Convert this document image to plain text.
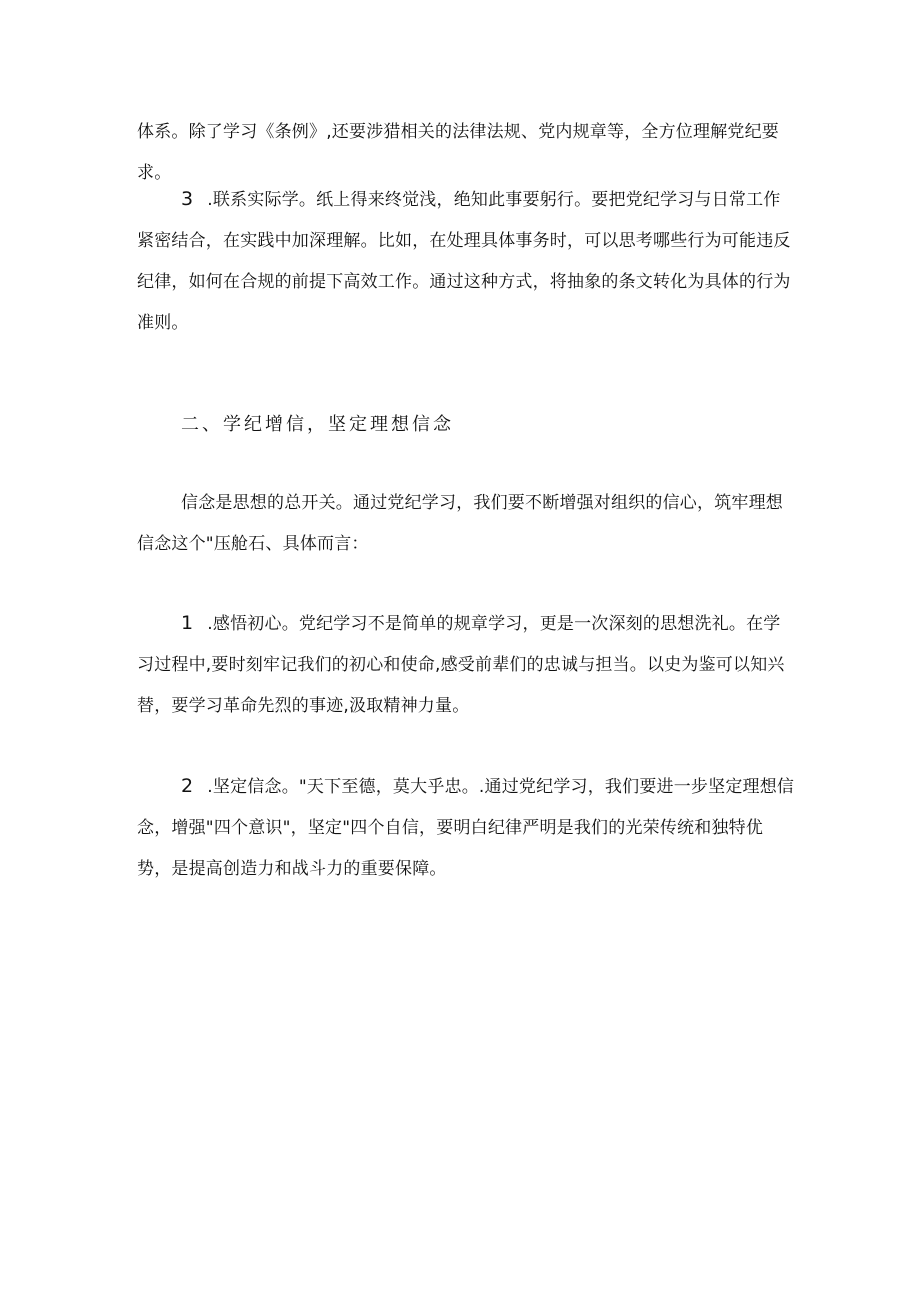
体系。除了学习《条例》,还要涉猎相关的法律法规、党内规章等，全方位理解党纪要求。

3 .联系实际学。纸上得来终觉浅，绝知此事要躬行。要把党纪学习与日常工作紧密结合，在实践中加深理解。比如，在处理具体事务时，可以思考哪些行为可能违反纪律，如何在合规的前提下高效工作。通过这种方式，将抽象的条文转化为具体的行为准则。

二、学纪增信，坚定理想信念

信念是思想的总开关。通过党纪学习，我们要不断增强对组织的信心，筑牢理想信念这个"压舱石、具体而言：

1 .感悟初心。党纪学习不是简单的规章学习，更是一次深刻的思想洗礼。在学习过程中,要时刻牢记我们的初心和使命,感受前辈们的忠诚与担当。以史为鉴可以知兴替，要学习革命先烈的事迹,汲取精神力量。

2 .坚定信念。"天下至德，莫大乎忠。.通过党纪学习，我们要进一步坚定理想信念，增强"四个意识"，坚定"四个自信，要明白纪律严明是我们的光荣传统和独特优势，是提高创造力和战斗力的重要保障。
